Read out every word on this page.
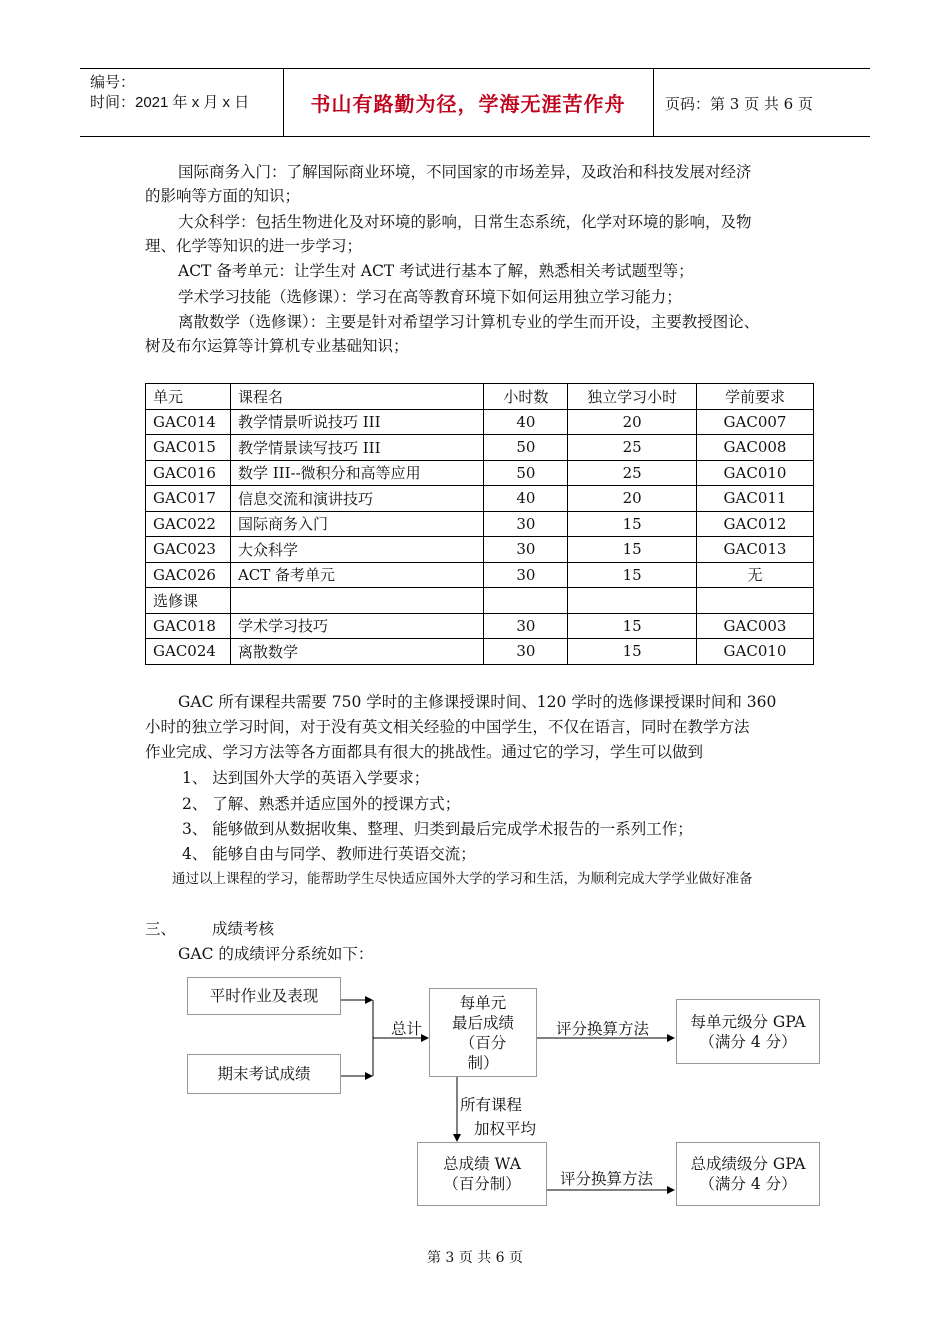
编号：
时间：2021 年 x 月 x 日	书山有路勤为径，学海无涯苦作舟	页码：第 3 页 共 6 页
国际商务入门：了解国际商业环境，不同国家的市场差异，及政治和科技发展对经济
的影响等方面的知识；
大众科学：包括生物进化及对环境的影响，日常生态系统，化学对环境的影响，及物
理、化学等知识的进一步学习；
ACT 备考单元：让学生对 ACT 考试进行基本了解，熟悉相关考试题型等；
学术学习技能（选修课）：学习在高等教育环境下如何运用独立学习能力；
离散数学（选修课）：主要是针对希望学习计算机专业的学生而开设，主要教授图论、
树及布尔运算等计算机专业基础知识；
单元	课程名	小时数	独立学习小时	学前要求
GAC014	教学情景听说技巧 III	40	20	GAC007
GAC015	教学情景读写技巧 III	50	25	GAC008
GAC016	数学 III--微积分和高等应用	50	25	GAC010
GAC017	信息交流和演讲技巧	40	20	GAC011
GAC022	国际商务入门	30	15	GAC012
GAC023	大众科学	30	15	GAC013
GAC026	ACT 备考单元	30	15	无
选修课				
GAC018	学术学习技巧	30	15	GAC003
GAC024	离散数学	30	15	GAC010
GAC 所有课程共需要 750 学时的主修课授课时间、120 学时的选修课授课时间和 360
小时的独立学习时间，对于没有英文相关经验的中国学生，不仅在语言，同时在教学方法
作业完成、学习方法等各方面都具有很大的挑战性。通过它的学习，学生可以做到
1、 达到国外大学的英语入学要求；
2、 了解、熟悉并适应国外的授课方式；
3、 能够做到从数据收集、整理、归类到最后完成学术报告的一系列工作；
4、 能够自由与同学、教师进行英语交流；
通过以上课程的学习，能帮助学生尽快适应国外大学的学习和生活，为顺利完成大学学业做好准备
三、 成绩考核
GAC 的成绩评分系统如下：
平时作业及表现
期末考试成绩
总计
每单元
最后成绩
（百分
制）
评分换算方法	每单元级分 GPA
（满分 4 分）
所有课程
加权平均
总成绩 WA
（百分制）	评分换算方法
总成绩级分 GPA
（满分 4 分）
第 3 页 共 6 页
